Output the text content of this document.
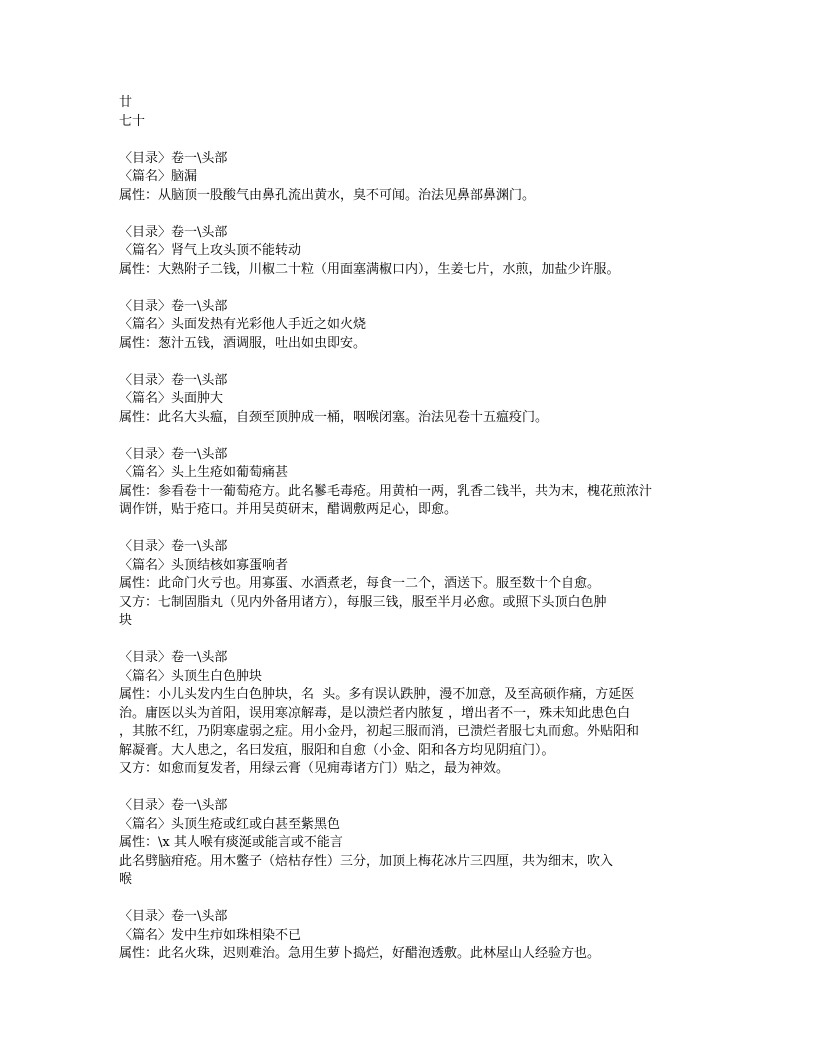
廿
七十
〈目录〉卷一\头部
〈篇名〉脑漏
属性：从脑顶一股酸气由鼻孔流出黄水，臭不可闻。治法见鼻部鼻渊门。
〈目录〉卷一\头部
〈篇名〉肾气上攻头顶不能转动
属性：大熟附子二钱，川椒二十粒（用面塞满椒口内），生姜七片，水煎，加盐少许服。
〈目录〉卷一\头部
〈篇名〉头面发热有光彩他人手近之如火烧
属性：葱汁五钱，酒调服，吐出如虫即安。
〈目录〉卷一\头部
〈篇名〉头面肿大
属性：此名大头瘟，自颈至顶肿成一桶，咽喉闭塞。治法见卷十五瘟疫门。
〈目录〉卷一\头部
〈篇名〉头上生疮如葡萄痛甚
属性：参看卷十一葡萄疮方。此名鬖毛毒疮。用黄柏一两，乳香二钱半，共为末，槐花煎浓汁
调作饼，贴于疮口。并用吴萸研末，醋调敷两足心，即愈。
〈目录〉卷一\头部
〈篇名〉头顶结核如寡蛋响者
属性：此命门火亏也。用寡蛋、水酒煮老，每食一二个，酒送下。服至数十个自愈。
又方：七制固脂丸（见内外备用诸方），每服三钱，服至半月必愈。或照下头顶白色肿
块
〈目录〉卷一\头部
〈篇名〉头顶生白色肿块
属性：小儿头发内生白色肿块，名  头。多有误认跌肿，漫不加意，及至高硕作痛，方延医
治。庸医以头为首阳，误用寒凉解毒，是以溃烂者内脓复 ，增出者不一，殊未知此患色白
，其脓不红，乃阴寒虚弱之症。用小金丹，初起三服而消，已溃烂者服七丸而愈。外贴阳和
解凝膏。大人患之，名曰发疽，服阳和自愈（小金、阳和各方均见阴疽门）。
又方：如愈而复发者，用绿云膏（见痈毒诸方门）贴之，最为神效。
〈目录〉卷一\头部
〈篇名〉头顶生疮或红或白甚至紫黑色
属性：\x 其人喉有痰涎或能言或不能言
此名劈脑疳疮。用木鳖子（焙枯存性）三分，加顶上梅花冰片三四厘，共为细末，吹入
喉
〈目录〉卷一\头部
〈篇名〉发中生疖如珠相染不已
属性：此名火珠，迟则难治。急用生萝卜捣烂，好醋泡透敷。此林屋山人经验方也。
